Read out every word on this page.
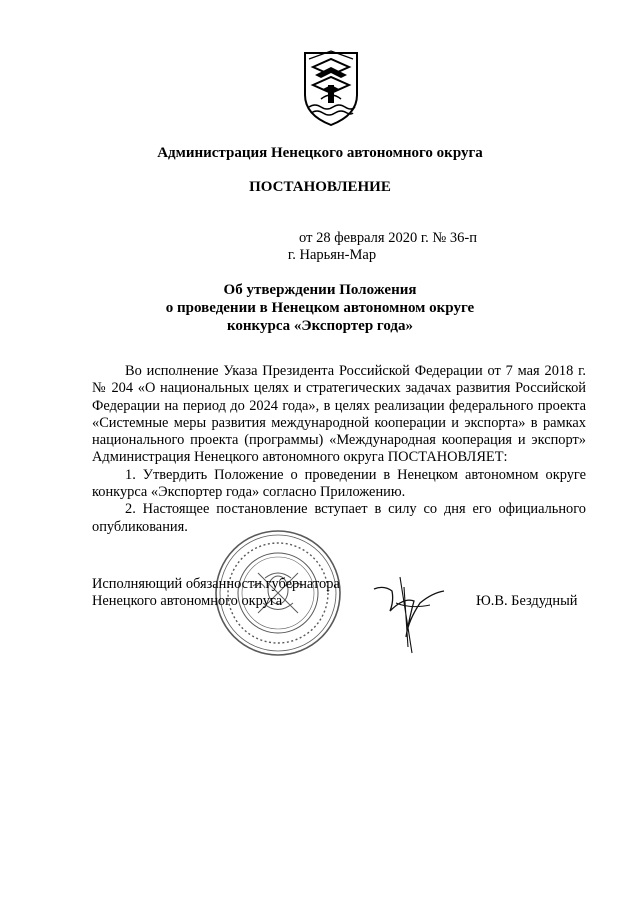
Администрация Ненецкого автономного округа
ПОСТАНОВЛЕНИЕ
от 28 февраля 2020 г. № 36-п
г. Нарьян-Мар
Об утверждении Положения
о проведении в Ненецком автономном округе
конкурса «Экспортер года»

Во исполнение Указа Президента Российской Федерации от 7 мая 2018 г. № 204 «О национальных целях и стратегических задачах развития Российской Федерации на период до 2024 года», в целях реализации федерального проекта «Системные меры развития международной кооперации и экспорта» в рамках национального проекта (программы) «Международная кооперация и экспорт» Администрация Ненецкого автономного округа ПОСТАНОВЛЯЕТ:

1. Утвердить Положение о проведении в Ненецком автономном округе конкурса «Экспортер года» согласно Приложению.

2. Настоящее постановление вступает в силу со дня его официального опубликования.

Исполняющий обязанности губернатора
Ненецкого автономного округа	Ю.В. Бездудный
